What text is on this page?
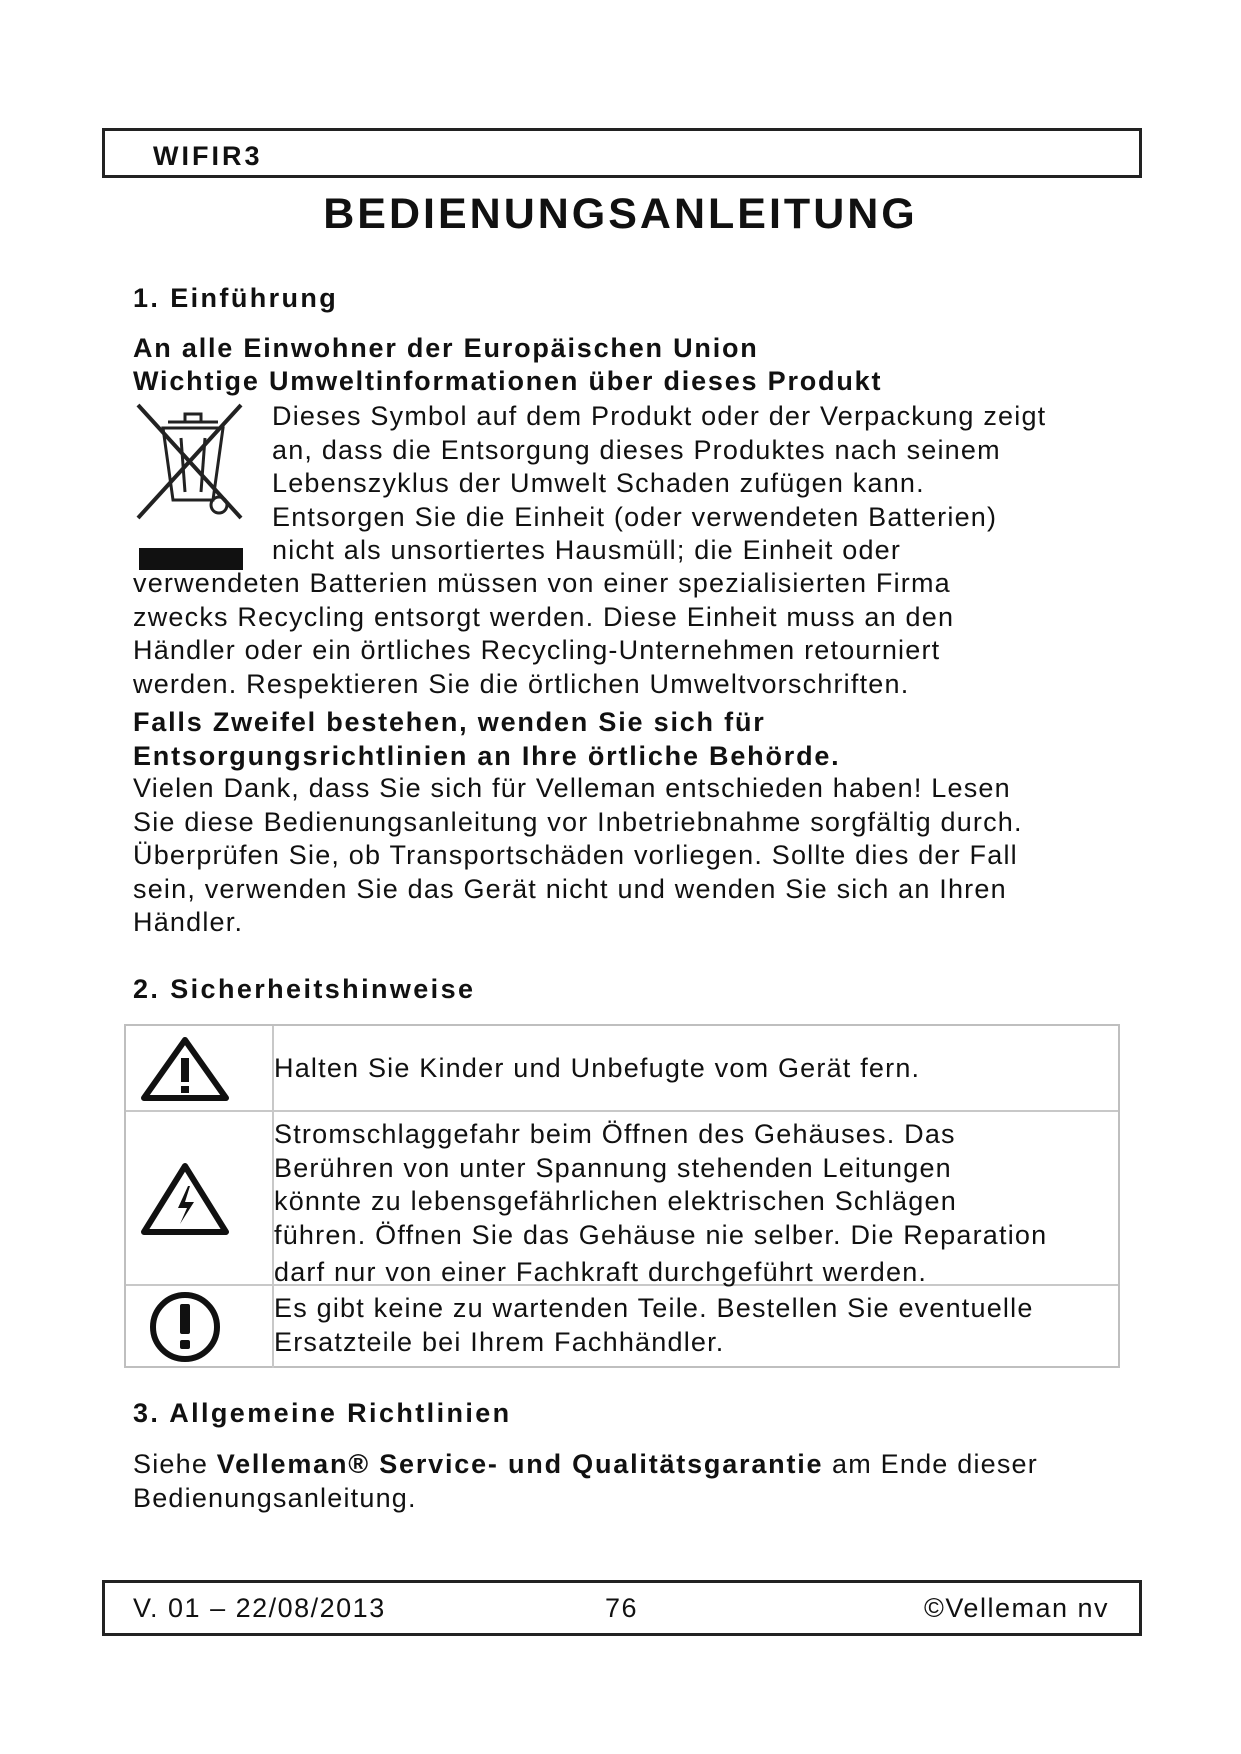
WIFIR3
BEDIENUNGSANLEITUNG
1. Einführung
An alle Einwohner der Europäischen Union
Wichtige Umweltinformationen über dieses Produkt
Dieses Symbol auf dem Produkt oder der Verpackung zeigt
an, dass die Entsorgung dieses Produktes nach seinem
Lebenszyklus der Umwelt Schaden zufügen kann.
Entsorgen Sie die Einheit (oder verwendeten Batterien)
nicht als unsortiertes Hausmüll; die Einheit oder
verwendeten Batterien müssen von einer spezialisierten Firma
zwecks Recycling entsorgt werden. Diese Einheit muss an den
Händler oder ein örtliches Recycling-Unternehmen retourniert
werden. Respektieren Sie die örtlichen Umweltvorschriften.
Falls Zweifel bestehen, wenden Sie sich für
Entsorgungsrichtlinien an Ihre örtliche Behörde.
Vielen Dank, dass Sie sich für Velleman entschieden haben! Lesen
Sie diese Bedienungsanleitung vor Inbetriebnahme sorgfältig durch.
Überprüfen Sie, ob Transportschäden vorliegen. Sollte dies der Fall
sein, verwenden Sie das Gerät nicht und wenden Sie sich an Ihren
Händler.
2. Sicherheitshinweise
Halten Sie Kinder und Unbefugte vom Gerät fern.
Stromschlaggefahr beim Öffnen des Gehäuses. Das
Berühren von unter Spannung stehenden Leitungen
könnte zu lebensgefährlichen elektrischen Schlägen
führen. Öffnen Sie das Gehäuse nie selber. Die Reparation
darf nur von einer Fachkraft durchgeführt werden.
Es gibt keine zu wartenden Teile. Bestellen Sie eventuelle
Ersatzteile bei Ihrem Fachhändler.
3. Allgemeine Richtlinien
Siehe Velleman® Service- und Qualitätsgarantie am Ende dieser
Bedienungsanleitung.
V. 01 – 22/08/2013	76	©Velleman nv
